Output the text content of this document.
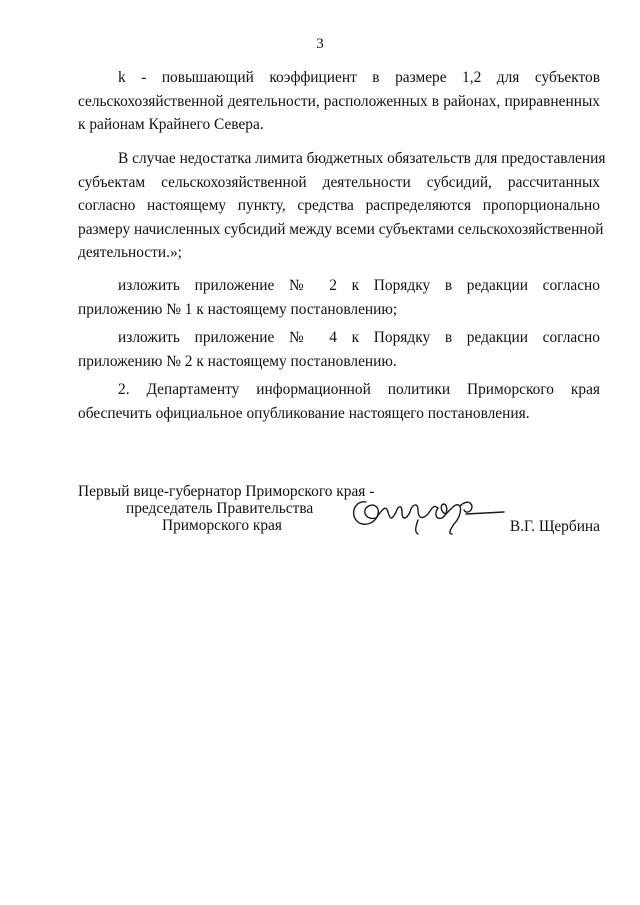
3
k - повышающий коэффициент в размере 1,2 для субъектов
сельскохозяйственной деятельности, расположенных в районах, приравненных
к районам Крайнего Севера.
В случае недостатка лимита бюджетных обязательств для предоставления
субъектам сельскохозяйственной деятельности субсидий, рассчитанных
согласно настоящему пункту, средства распределяются пропорционально
размеру начисленных субсидий между всеми субъектами сельскохозяйственной
деятельности.»;
изложить приложение № 2 к Порядку в редакции согласно
приложению № 1 к настоящему постановлению;
изложить приложение № 4 к Порядку в редакции согласно
приложению № 2 к настоящему постановлению.
2. Департаменту информационной политики Приморского края
обеспечить официальное опубликование настоящего постановления.
Первый вице-губернатор Приморского края -
председатель Правительства
Приморского края	В.Г. Щербина
